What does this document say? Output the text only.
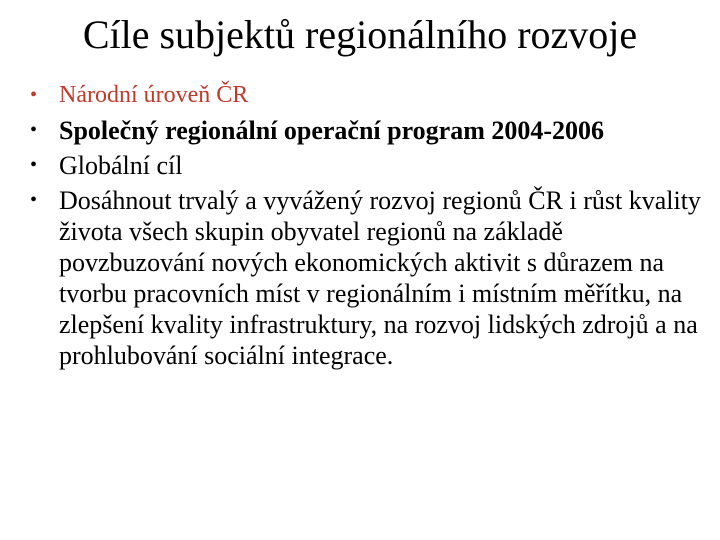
Cíle subjektů regionálního rozvoje
• Národní úroveň ČR
• Společný regionální operační program 2004-2006
• Globální cíl
• Dosáhnout trvalý a vyvážený rozvoj regionů ČR i růst kvality života všech skupin obyvatel regionů na základě povzbuzování nových ekonomických aktivit s důrazem na tvorbu pracovních míst v regionálním i místním měřítku, na zlepšení kvality infrastruktury, na rozvoj lidských zdrojů a na prohlubování sociální integrace.
